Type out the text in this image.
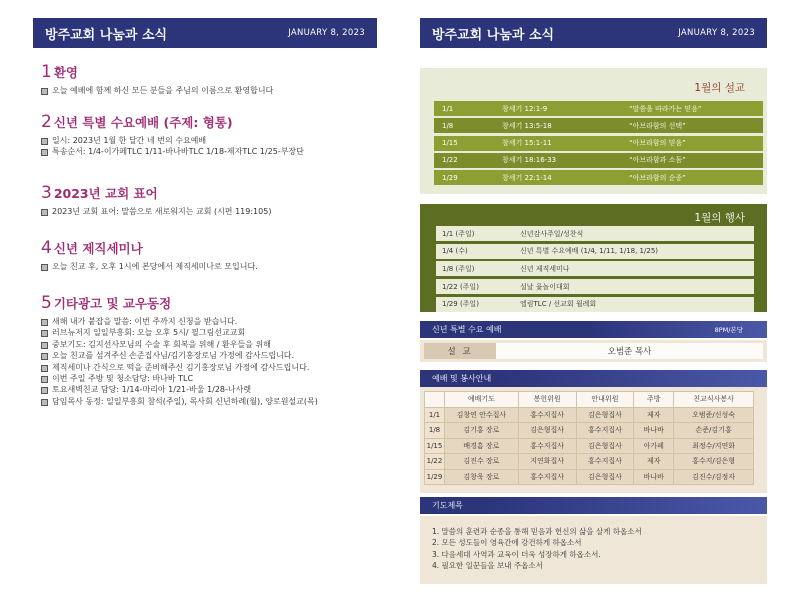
방주교회 나눔과 소식	JANUARY 8, 2023
1 환영
오늘 예배에 함께 하신 모든 분들을 주님의 이름으로 환영합니다
2 신년 특별 수요예배 (주제: 형통)
일시: 2023년 1월 한 달간 네 번의 수요예배
특송순서: 1/4-이가페TLC 1/11-바나바TLC 1/18-제자TLC 1/25-부장단
3 2023년 교회 표어
2023년 교회 표어: 말씀으로 새로워지는 교회 (시편 119:105)
4 신년 제직세미나
오늘 친교 후, 오후 1시에 본당에서 제직세미나로 모입니다.
5 기타광고 및 교우동정
새해 내가 붙잡을 말씀: 이번 주까지 신청을 받습니다.
러브뉴저지 일일부흥회: 오늘 오후 5시/ 필그림선교교회
중보기도: 김지선사모님의 수술 후 회복을 위해 / 환우들을 위해
오늘 친교를 섬겨주신 손준집사님/김기홍장로님 가정에 감사드립니다.
제직세미나 간식으로 떡을 준비해주신 김기홍장로님 가정에 감사드립니다.
이번 주일 주방 및 청소담당: 바나바 TLC
토요새벽친교 담당: 1/14-마리아 1/21-바울 1/28-나사렛
담임목사 동정: 일일부흥회 참석(주일), 목사회 신년하례(월), 양로원설교(목)
방주교회 나눔과 소식	JANUARY 8, 2023
1월의 설교
1/1	창세기 12:1-9	“말씀을 따라가는 믿음”
1/8	창세기 13:5-18	“아브라함의 선택”
1/15	창세기 15:1-11	“아브라함의 믿음”
1/22	창세기 18:16-33	“아브라함과 소돔”
1/29	창세기 22:1-14	“아브라함의 순종”
1월의 행사
1/1 (주일)	신년감사주일/성찬식
1/4 (수)	신년 특별 수요예배 (1/4, 1/11, 1/18, 1/25)
1/8 (주일)	신년 제직세미나
1/22 (주일)	설날 윷놀이대회
1/29 (주일)	엘림TLC / 선교회 월례회
신년 특별 수요 예배	8PM/본당
설 교	오범준 목사
예배 및 봉사안내
	예배기도	봉헌위원	안내위원	주방	친교식사봉사
1/1	김창연 안수집사	홍수지집사	김은형집사	제자	오범준/신성숙
1/8	김기홍 장로	김은형집사	홍수지집사	바나바	손준/김기홍
1/15	배경흠 장로	홍수지집사	김은형집사	아가페	최정수/지연화
1/22	김진수 장로	지연화집사	홍수지집사	제자	홍수지/김은형
1/29	김창욱 장로	홍수지집사	김은형집사	바나바	김진수/김정자
기도제목

1. 말씀의 훈련과 순종을 통해 믿음과 헌신의 삶을 살게 하옵소서

2. 모든 성도들이 영육간에 강건하게 하옵소서

3. 다음세대 사역과 교육이 더욱 성장하게 하옵소서.

4. 필요한 일꾼들을 보내 주옵소서
